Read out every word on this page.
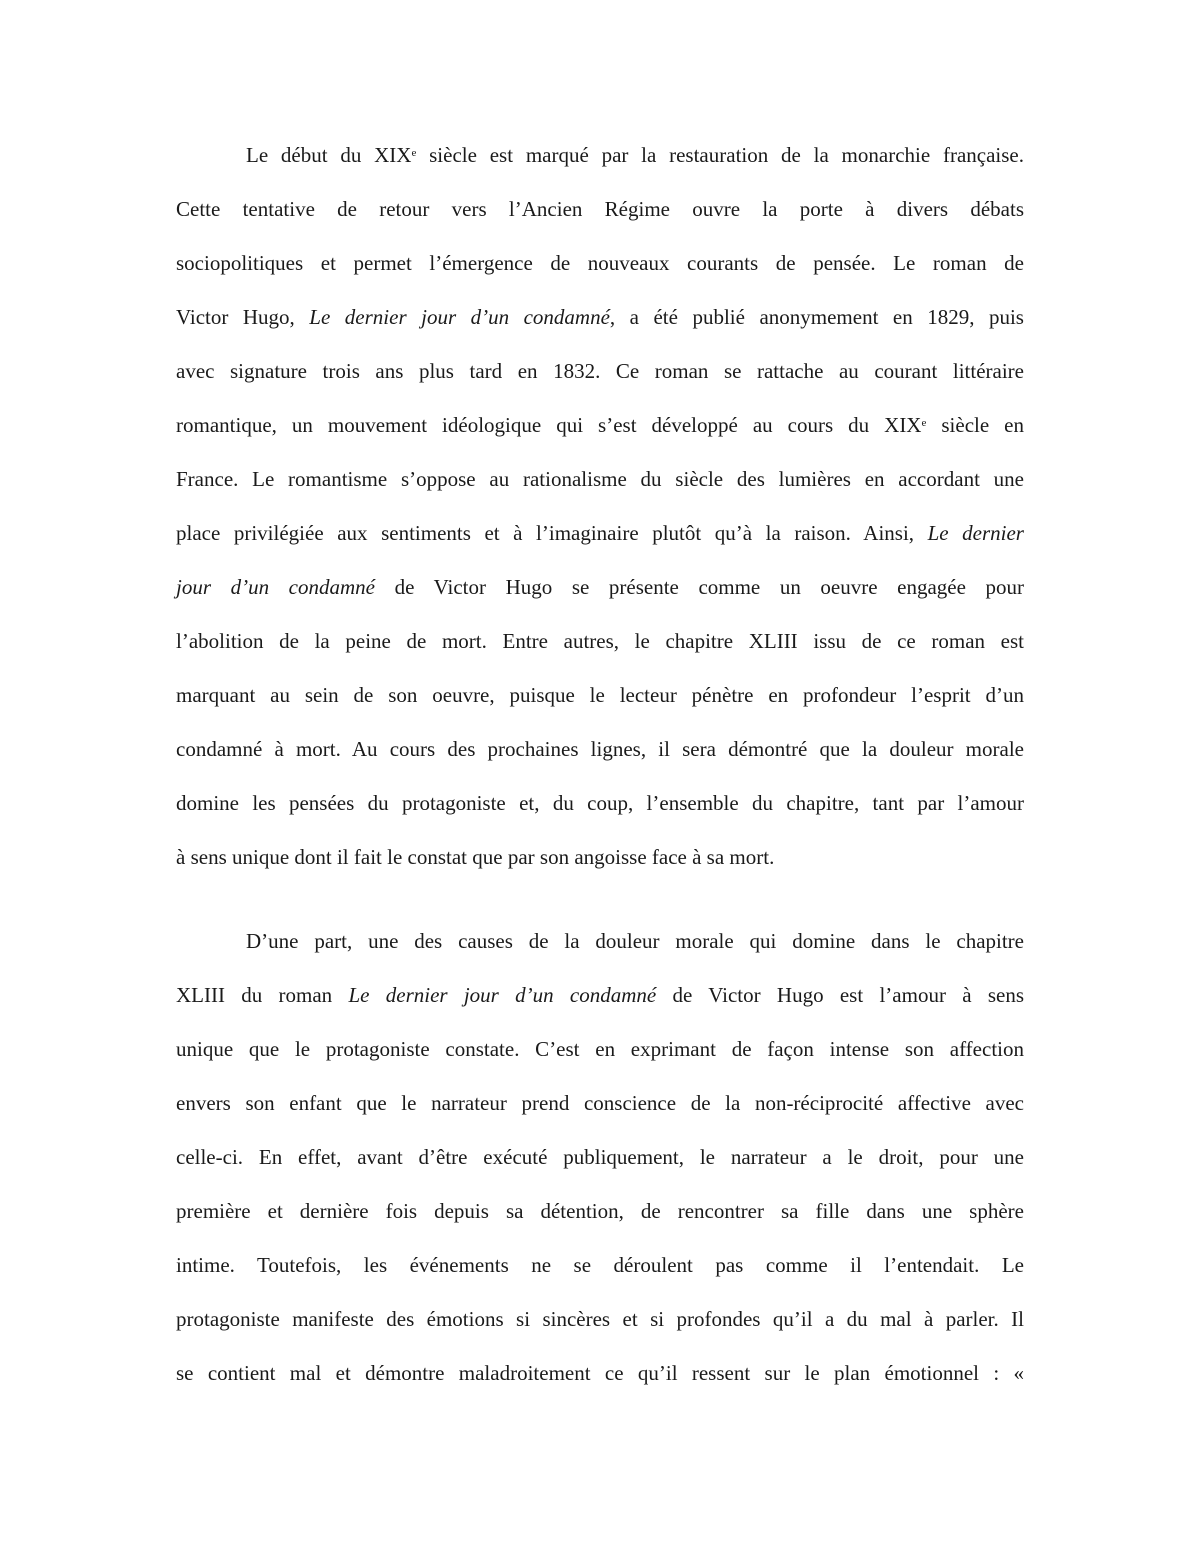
Le début du XIXe siècle est marqué par la restauration de la monarchie française.
Cette tentative de retour vers l’Ancien Régime ouvre la porte à divers débats
sociopolitiques et permet l’émergence de nouveaux courants de pensée. Le roman de
Victor Hugo, Le dernier jour d’un condamné, a été publié anonymement en 1829, puis
avec signature trois ans plus tard en 1832. Ce roman se rattache au courant littéraire
romantique, un mouvement idéologique qui s’est développé au cours du XIXe siècle en
France. Le romantisme s’oppose au rationalisme du siècle des lumières en accordant une
place privilégiée aux sentiments et à l’imaginaire plutôt qu’à la raison. Ainsi, Le dernier
jour d’un condamné de Victor Hugo se présente comme un oeuvre engagée pour
l’abolition de la peine de mort. Entre autres, le chapitre XLIII issu de ce roman est
marquant au sein de son oeuvre, puisque le lecteur pénètre en profondeur l’esprit d’un
condamné à mort. Au cours des prochaines lignes, il sera démontré que la douleur morale
domine les pensées du protagoniste et, du coup, l’ensemble du chapitre, tant par l’amour
à sens unique dont il fait le constat que par son angoisse face à sa mort.
D’une part, une des causes de la douleur morale qui domine dans le chapitre
XLIII du roman Le dernier jour d’un condamné de Victor Hugo est l’amour à sens
unique que le protagoniste constate. C’est en exprimant de façon intense son affection
envers son enfant que le narrateur prend conscience de la non-réciprocité affective avec
celle-ci. En effet, avant d’être exécuté publiquement, le narrateur a le droit, pour une
première et dernière fois depuis sa détention, de rencontrer sa fille dans une sphère
intime. Toutefois, les événements ne se déroulent pas comme il l’entendait. Le
protagoniste manifeste des émotions si sincères et si profondes qu’il a du mal à parler. Il
se contient mal et démontre maladroitement ce qu’il ressent sur le plan émotionnel : «
